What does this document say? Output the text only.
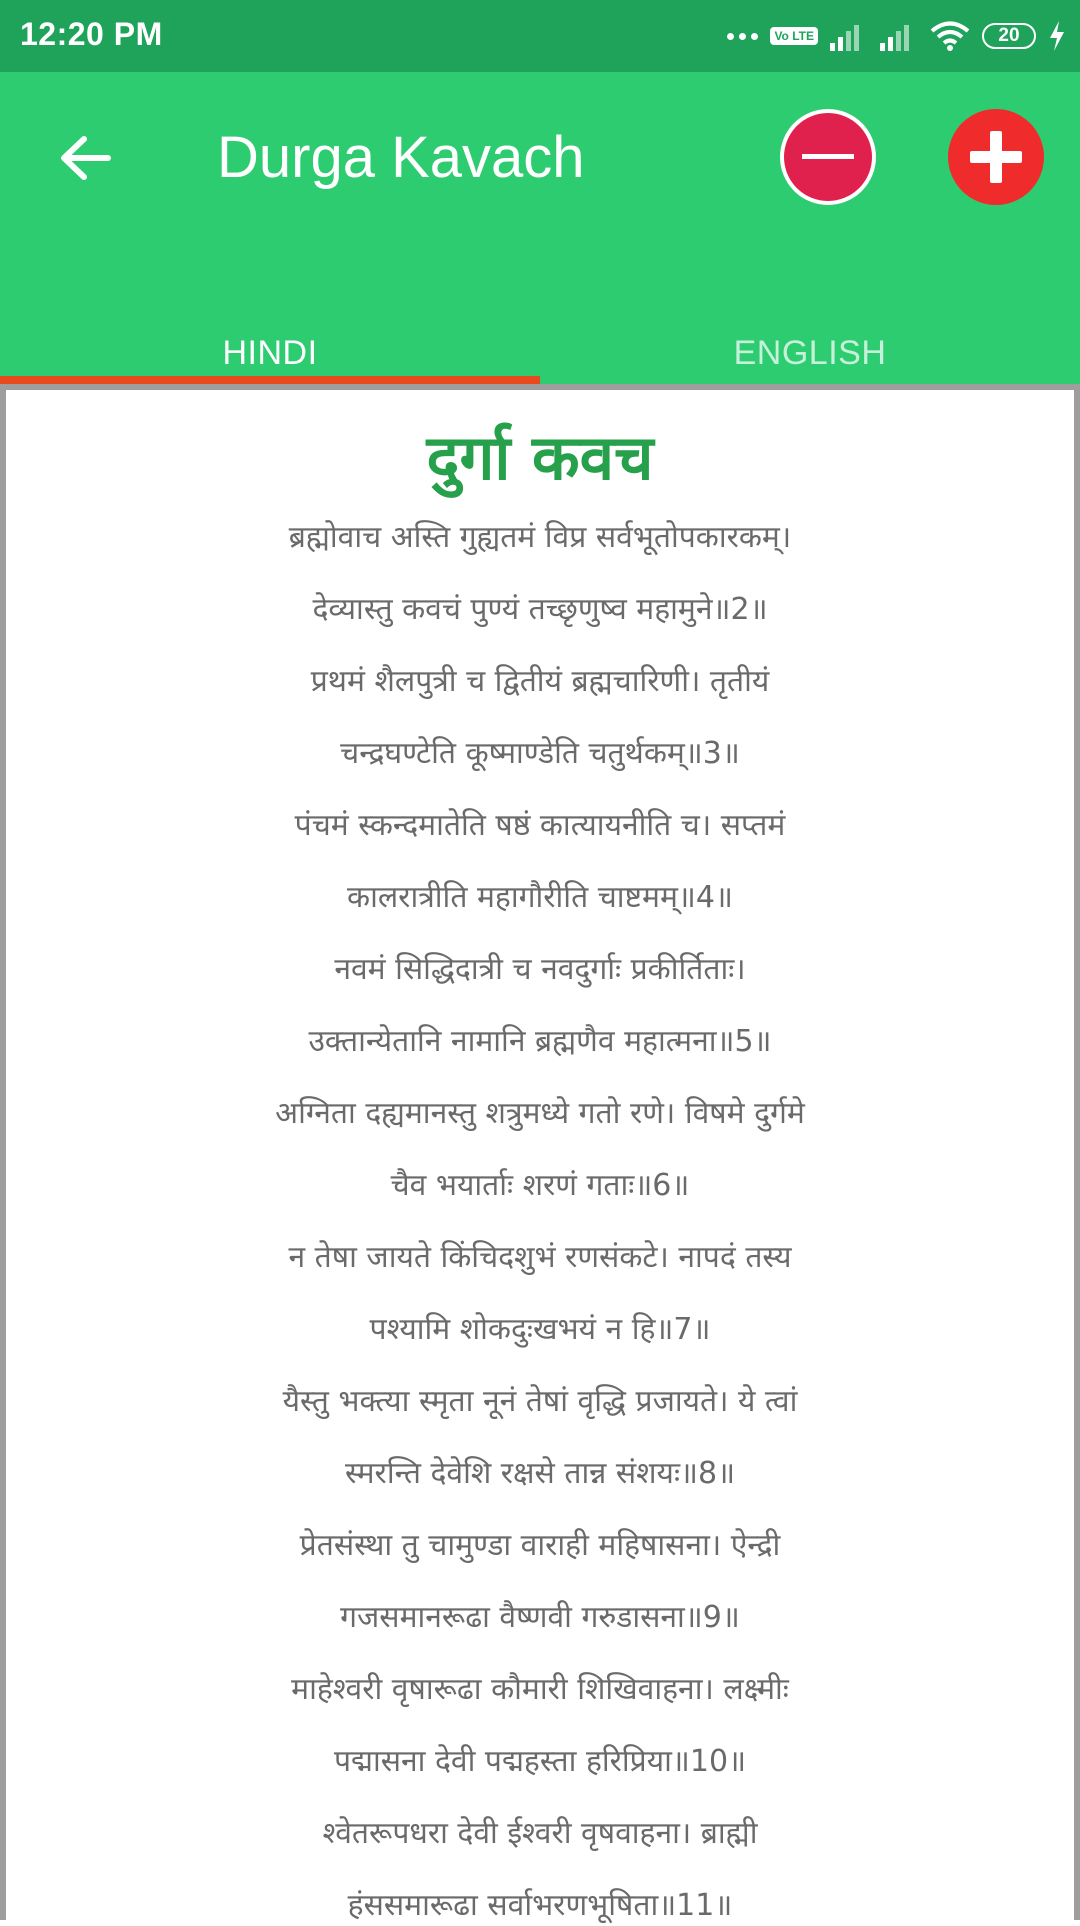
12:20 PM	Vo LTE	20
Durga Kavach
HINDI	ENGLISH
दुर्गा कवच
ब्रह्मोवाच अस्ति गुह्यतमं विप्र सर्वभूतोपकारकम्।
देव्यास्तु कवचं पुण्यं तच्छृणुष्व महामुने॥2॥
प्रथमं शैलपुत्री च द्वितीयं ब्रह्मचारिणी। तृतीयं
चन्द्रघण्टेति कूष्माण्डेति चतुर्थकम्॥3॥
पंचमं स्कन्दमातेति षष्ठं कात्यायनीति च। सप्तमं
कालरात्रीति महागौरीति चाष्टमम्॥4॥
नवमं सिद्धिदात्री च नवदुर्गाः प्रकीर्तिताः।
उक्तान्येतानि नामानि ब्रह्मणैव महात्मना॥5॥
अग्निता दह्यमानस्तु शत्रुमध्ये गतो रणे। विषमे दुर्गमे
चैव भयार्ताः शरणं गताः॥6॥
न तेषा जायते किंचिदशुभं रणसंकटे। नापदं तस्य
पश्यामि शोकदुःखभयं न हि॥7॥
यैस्तु भक्त्या स्मृता नूनं तेषां वृद्धि प्रजायते। ये त्वां
स्मरन्ति देवेशि रक्षसे तान्न संशयः॥8॥
प्रेतसंस्था तु चामुण्डा वाराही महिषासना। ऐन्द्री
गजसमानरूढा वैष्णवी गरुडासना॥9॥
माहेश्वरी वृषारूढा कौमारी शिखिवाहना। लक्ष्मीः
पद्मासना देवी पद्महस्ता हरिप्रिया॥10॥
श्वेतरूपधरा देवी ईश्वरी वृषवाहना। ब्राह्मी
हंससमारूढा सर्वाभरणभूषिता॥11॥
